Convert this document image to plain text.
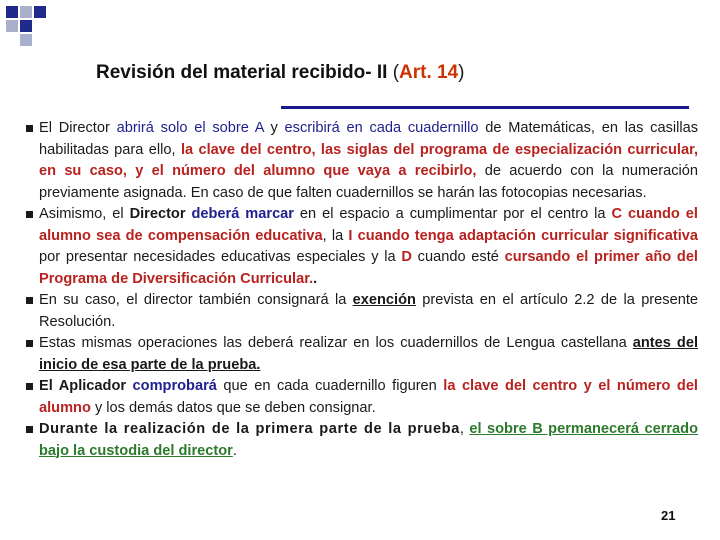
Revisión del material recibido- II (Art. 14)
El Director abrirá solo el sobre A y escribirá en cada cuadernillo de Matemáticas, en las casillas habilitadas para ello, la clave del centro, las siglas del programa de especialización curricular, en su caso, y el número del alumno que vaya a recibirlo, de acuerdo con la numeración previamente asignada. En caso de que falten cuadernillos se harán las fotocopias necesarias.
Asimismo, el Director deberá marcar en el espacio a cumplimentar por el centro la C cuando el alumno sea de compensación educativa, la I cuando tenga adaptación curricular significativa por presentar necesidades educativas especiales y la D cuando esté cursando el primer año del Programa de Diversificación Curricular..
En su caso, el director también consignará la exención prevista en el artículo 2.2 de la presente Resolución.
Estas mismas operaciones las deberá realizar en los cuadernillos de Lengua castellana antes del inicio de esa parte de la prueba.
El Aplicador comprobará que en cada cuadernillo figuren la clave del centro y el número del alumno y los demás datos que se deben consignar.
Durante la realización de la primera parte de la prueba, el sobre B permanecerá cerrado bajo la custodia del director.
21
